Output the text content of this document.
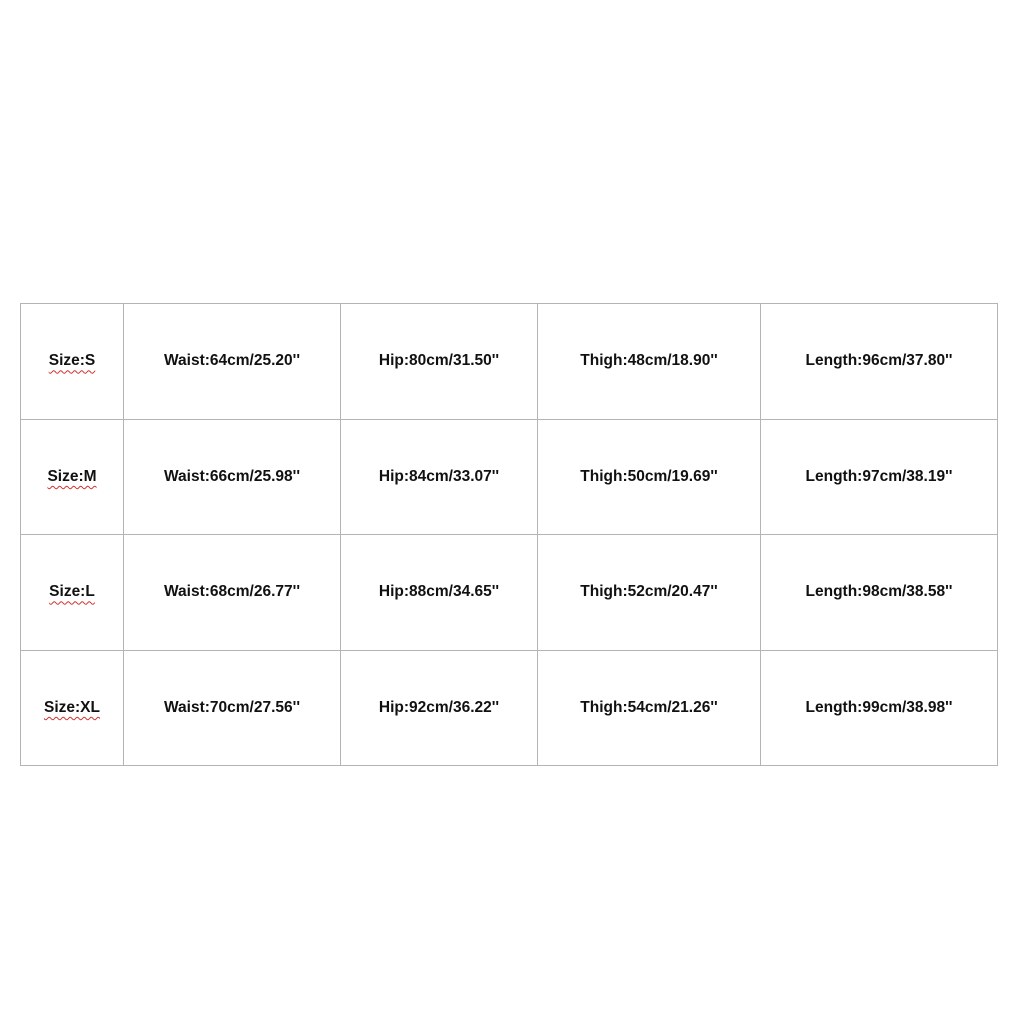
Size:S	Waist:64cm/25.20''	Hip:80cm/31.50''	Thigh:48cm/18.90''	Length:96cm/37.80''
Size:M	Waist:66cm/25.98''	Hip:84cm/33.07''	Thigh:50cm/19.69''	Length:97cm/38.19''
Size:L	Waist:68cm/26.77''	Hip:88cm/34.65''	Thigh:52cm/20.47''	Length:98cm/38.58''
Size:XL	Waist:70cm/27.56''	Hip:92cm/36.22''	Thigh:54cm/21.26''	Length:99cm/38.98''
